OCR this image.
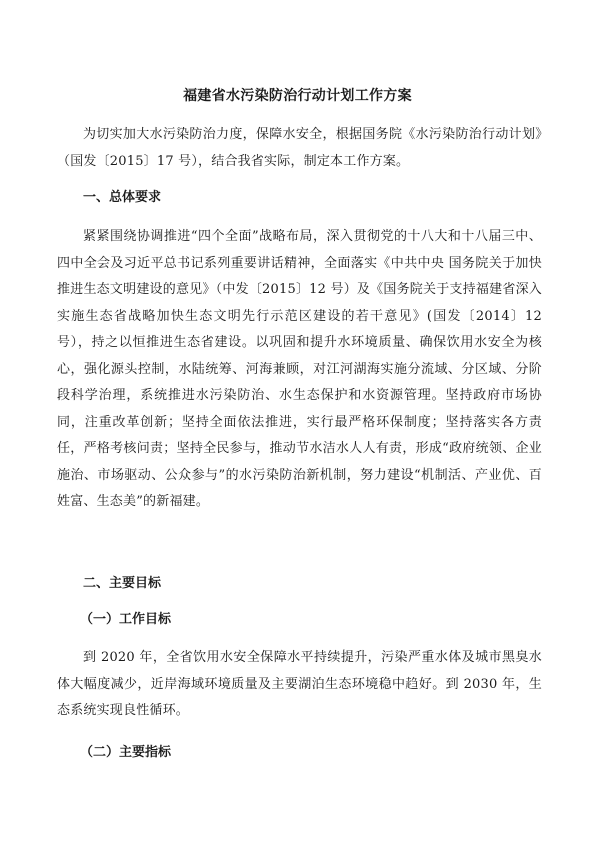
福建省水污染防治行动计划工作方案

为切实加大水污染防治力度，保障水安全，根据国务院《水污染防治行动计划》（国发〔2015〕17 号），结合我省实际，制定本工作方案。

一、总体要求

紧紧围绕协调推进“四个全面”战略布局，深入贯彻党的十八大和十八届三中、四中全会及习近平总书记系列重要讲话精神，全面落实《中共中央 国务院关于加快推进生态文明建设的意见》（中发〔2015〕12 号）及《国务院关于支持福建省深入实施生态省战略加快生态文明先行示范区建设的若干意见》(国发〔2014〕12 号），持之以恒推进生态省建设。以巩固和提升水环境质量、确保饮用水安全为核心，强化源头控制，水陆统筹、河海兼顾，对江河湖海实施分流域、分区域、分阶段科学治理，系统推进水污染防治、水生态保护和水资源管理。坚持政府市场协同，注重改革创新；坚持全面依法推进，实行最严格环保制度；坚持落实各方责任，严格考核问责；坚持全民参与，推动节水洁水人人有责，形成“政府统领、企业施治、市场驱动、公众参与”的水污染防治新机制，努力建设“机制活、产业优、百姓富、生态美”的新福建。

二、主要目标
（一）工作目标

到 2020 年，全省饮用水安全保障水平持续提升，污染严重水体及城市黑臭水体大幅度减少，近岸海域环境质量及主要湖泊生态环境稳中趋好。到 2030 年，生态系统实现良性循环。

（二）主要指标
